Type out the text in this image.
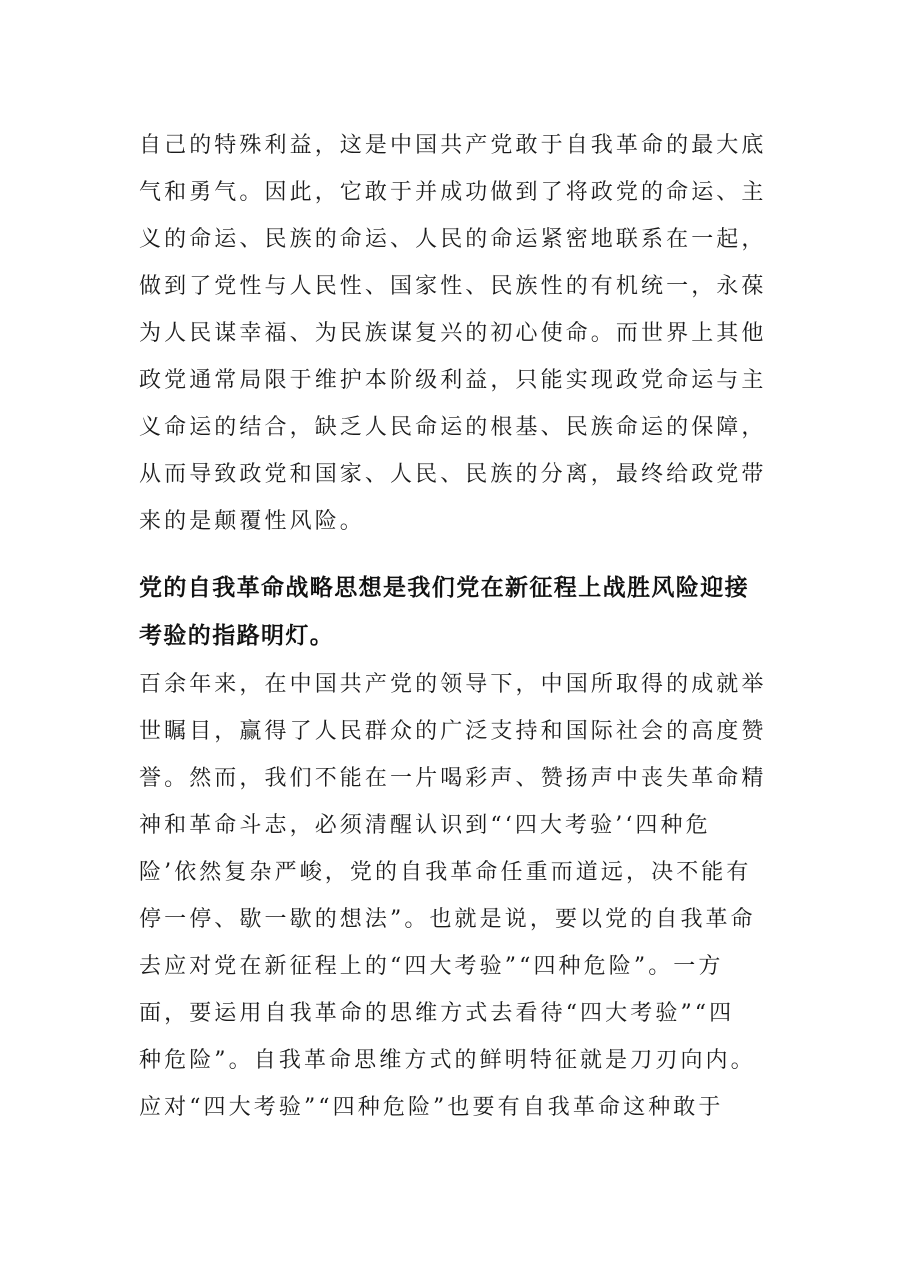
自己的特殊利益，这是中国共产党敢于自我革命的最大底
气和勇气。因此，它敢于并成功做到了将政党的命运、主
义的命运、民族的命运、人民的命运紧密地联系在一起，
做到了党性与人民性、国家性、民族性的有机统一，永葆
为人民谋幸福、为民族谋复兴的初心使命。而世界上其他
政党通常局限于维护本阶级利益，只能实现政党命运与主
义命运的结合，缺乏人民命运的根基、民族命运的保障，
从而导致政党和国家、人民、民族的分离，最终给政党带
来的是颠覆性风险。
党的自我革命战略思想是我们党在新征程上战胜风险迎接
考验的指路明灯。
百余年来，在中国共产党的领导下，中国所取得的成就举
世瞩目，赢得了人民群众的广泛支持和国际社会的高度赞
誉。然而，我们不能在一片喝彩声、赞扬声中丧失革命精
神和革命斗志，必须清醒认识到“‘四大考验’‘四种危
险’依然复杂严峻，党的自我革命任重而道远，决不能有
停一停、歇一歇的想法”。也就是说，要以党的自我革命
去应对党在新征程上的“四大考验”“四种危险”。一方
面，要运用自我革命的思维方式去看待“四大考验”“四
种危险”。自我革命思维方式的鲜明特征就是刀刃向内。
应对“四大考验”“四种危险”也要有自我革命这种敢于
